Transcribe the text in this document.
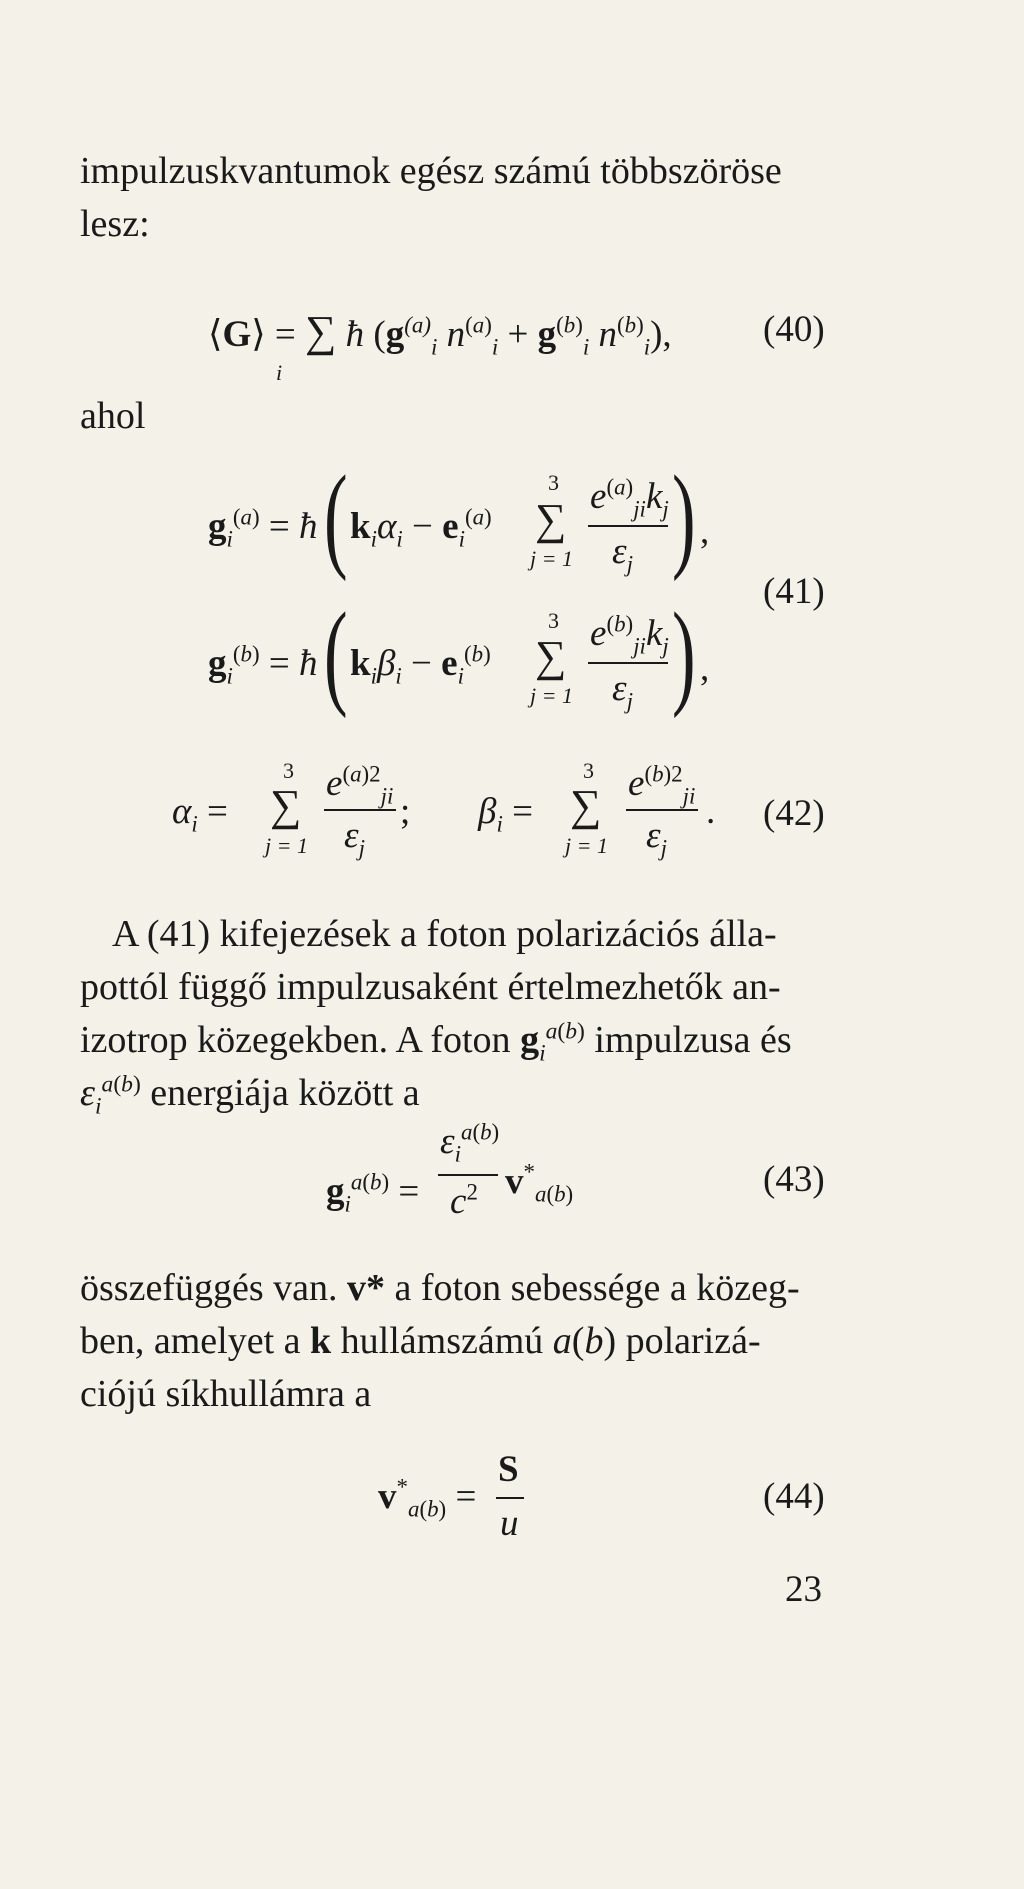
impulzuskvantumok egész számú többszöröse
lesz:
⟨G⟩ = ∑ ħ ($g^{(a)}_i$ $n^{(a)}_i + g^{(b)}_i$ $n^{(b)}_i$),
i
(40)
ahol
$g_i^{(a)}$ = ħ ( $k_i\alpha_i - e_i^{(a)}$
3
∑
j = 1
$e^{(a)}_{ji}k_j$
$\varepsilon_j$ ) ,
(41)
$g_i^{(b)}$ = ħ ( $k_i\beta_i - e_i^{(b)}$
3
∑
j = 1
$e^{(b)}_{ji}k_j$
$\varepsilon_j$ ) ,
$\alpha_i$ =
3
∑
j = 1
$e^{(a)2}_{ji}$
$\varepsilon_j$
; $\beta_i$ =
3
∑
j = 1
$e^{(b)2}_{ji}$
$\varepsilon_j$
. (42)
A (41) kifejezések a foton polarizációs álla-
pottól függő impulzusaként értelmezhetők an-
izotrop közegekben. A foton $g_i^{a(b)}$ impulzusa és
$\varepsilon_i^{a(b)}$ energiája között a
$g_i^{a(b)}$ =
$\varepsilon_i^{a(b)}$
$c^2$ $v^*_{a(b)}$	(43)
összefüggés van. v* a foton sebessége a közeg-
ben, amelyet a k hullámszámú a(b) polarizá-
ciójú síkhullámra a
$v^*_{a(b)}$ =
S
u
(44)
23
